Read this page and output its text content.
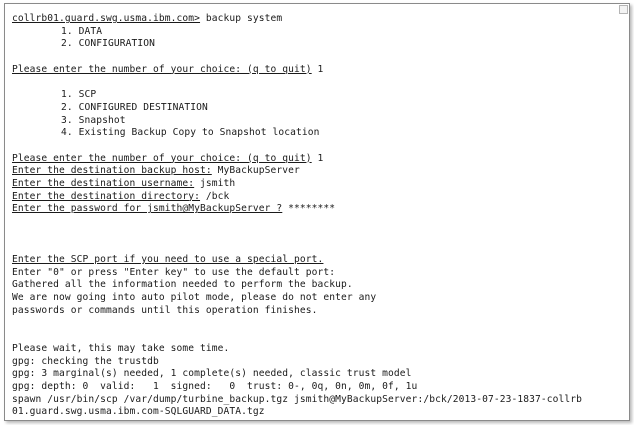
collrb01.guard.swg.usma.ibm.com> backup system
1. DATA
2. CONFIGURATION
Please enter the number of your choice: (q to quit) 1
1. SCP
2. CONFIGURED DESTINATION
3. Snapshot
4. Existing Backup Copy to Snapshot location
Please enter the number of your choice: (q to quit) 1
Enter the destination backup host: MyBackupServer
Enter the destination username: jsmith
Enter the destination directory: /bck
Enter the password for jsmith@MyBackupServer ? ********
Enter the SCP port if you need to use a special port.
Enter "0" or press "Enter key" to use the default port:
Gathered all the information needed to perform the backup.
We are now going into auto pilot mode, please do not enter any
passwords or commands until this operation finishes.
Please wait, this may take some time.
gpg: checking the trustdb
gpg: 3 marginal(s) needed, 1 complete(s) needed, classic trust model
gpg: depth: 0  valid:   1  signed:   0  trust: 0-, 0q, 0n, 0m, 0f, 1u
spawn /usr/bin/scp /var/dump/turbine_backup.tgz jsmith@MyBackupServer:/bck/2013-07-23-1837-collrb
01.guard.swg.usma.ibm.com-SQLGUARD_DATA.tgz
